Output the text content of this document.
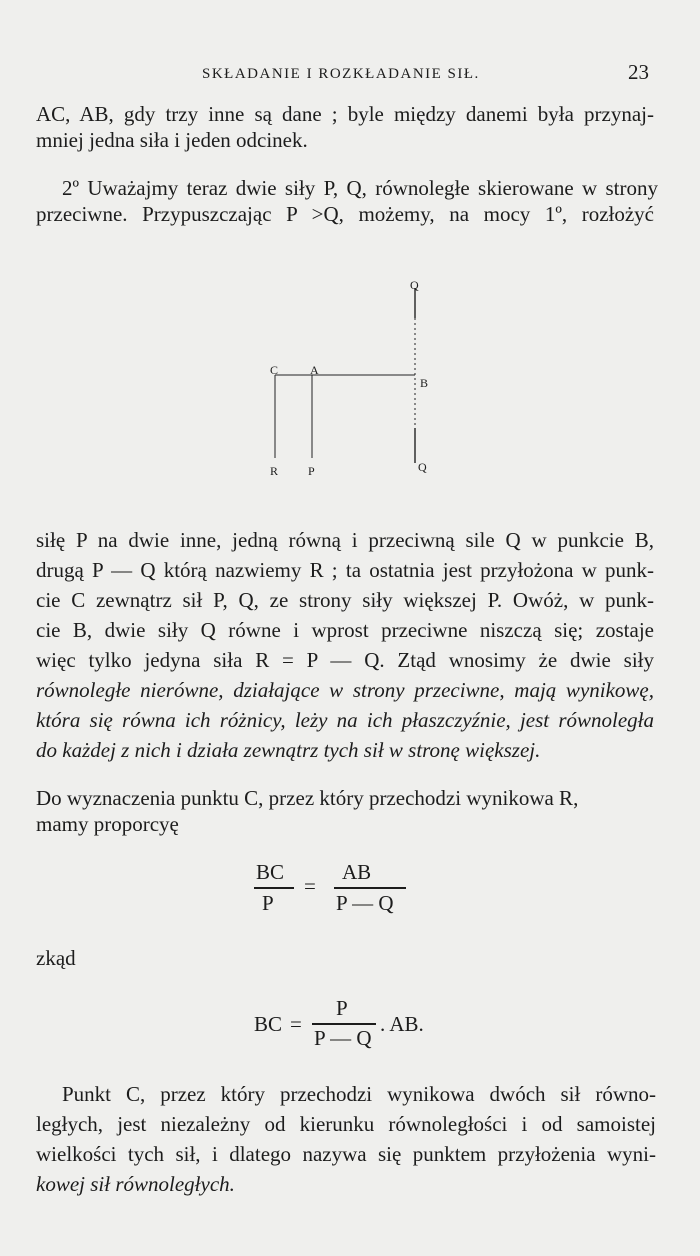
SKŁADANIE I ROZKŁADANIE SIŁ.	23
AC, AB, gdy trzy inne są dane ; byle między danemi była przynaj-
mniej jedna siła i jeden odcinek.
2º Uważajmy teraz dwie siły P, Q, równoległe skierowane w strony
przeciwne. Przypuszczając P >Q, możemy, na mocy 1º, rozłożyć
Q
C	A
B
R P	Q
siłę P na dwie inne, jedną równą i przeciwną sile Q w punkcie B,
drugą P — Q którą nazwiemy R ; ta ostatnia jest przyłożona w punk-
cie C zewnątrz sił P, Q, ze strony siły większej P. Owóż, w punk-
cie B, dwie siły Q równe i wprost przeciwne niszczą się; zostaje
więc tylko jedyna siła R = P — Q. Ztąd wnosimy że dwie siły
równoległe nierówne, działające w strony przeciwne, mają wynikowę,
która się równa ich różnicy, leży na ich płaszczyźnie, jest równoległa
do każdej z nich i działa zewnątrz tych sił w stronę większej.
Do wyznaczenia punktu C, przez który przechodzi wynikowa R,
mamy proporcyę
BC
P
=
AB
P — Q
zkąd
BC =
P
P — Q
. AB.
Punkt C, przez który przechodzi wynikowa dwóch sił równo-
ległych, jest niezależny od kierunku równoległości i od samoistej
wielkości tych sił, i dlatego nazywa się punktem przyłożenia wyni-
kowej sił równoległych.
